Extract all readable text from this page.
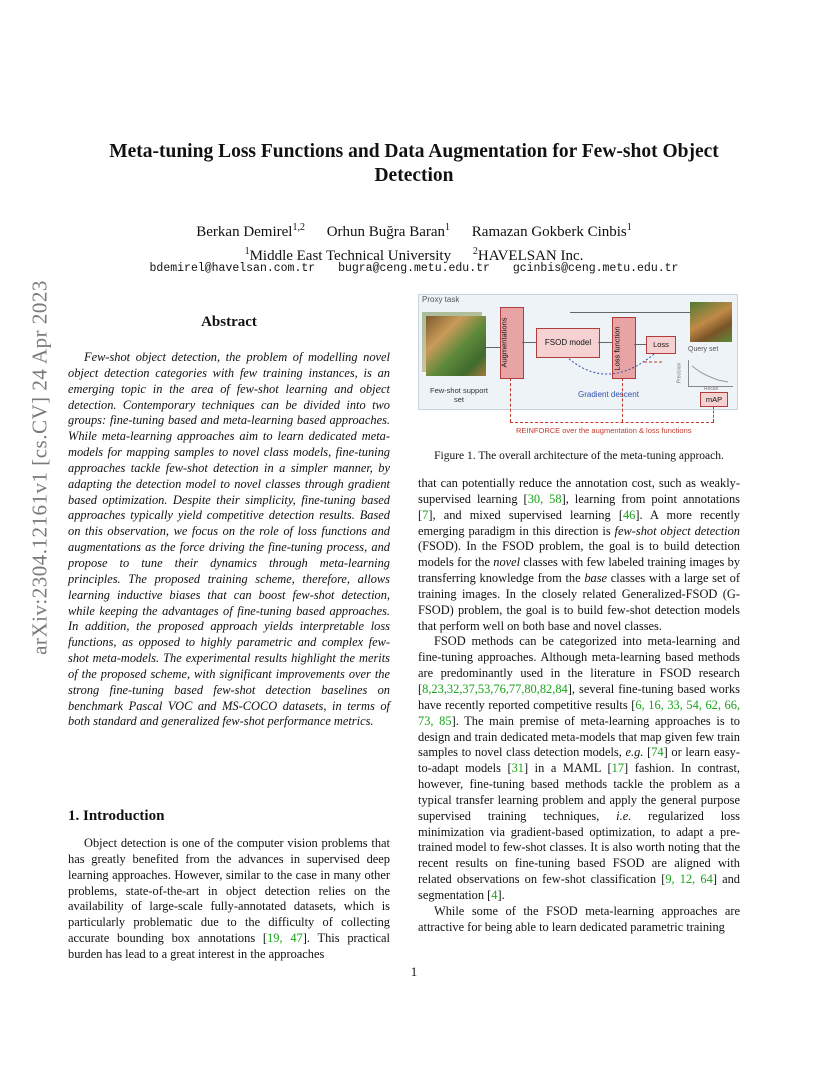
arXiv:2304.12161v1 [cs.CV] 24 Apr 2023
Meta-tuning Loss Functions and Data Augmentation for Few-shot Object
Detection
Berkan Demirel$^{1,2}$ Orhun Buğra Baran$^1$ Ramazan Gokberk Cinbis$^1$
$^1$Middle East Technical University $^2$HAVELSAN Inc.
bdemirel@havelsan.com.tr bugra@ceng.metu.edu.tr gcinbis@ceng.metu.edu.tr
Abstract

Few-shot object detection, the problem of modelling novel object detection categories with few training instances, is an emerging topic in the area of few-shot learning and object detection. Contemporary techniques can be divided into two groups: fine-tuning based and meta-learning based approaches. While meta-learning approaches aim to learn dedicated meta-models for mapping samples to novel class models, fine-tuning approaches tackle few-shot detection in a simpler manner, by adapting the detection model to novel classes through gradient based optimization. Despite their simplicity, fine-tuning based approaches typically yield competitive detection results. Based on this observation, we focus on the role of loss functions and augmentations as the force driving the fine-tuning process, and propose to tune their dynamics through meta-learning principles. The proposed training scheme, therefore, allows learning inductive biases that can boost few-shot detection, while keeping the advantages of fine-tuning based approaches. In addition, the proposed approach yields interpretable loss functions, as opposed to highly parametric and complex few-shot meta-models. The experimental results highlight the merits of the proposed scheme, with significant improvements over the strong fine-tuning based few-shot detection baselines on benchmark Pascal VOC and MS-COCO datasets, in terms of both standard and generalized few-shot performance metrics.

1. Introduction

Object detection is one of the computer vision problems that has greatly benefited from the advances in supervised deep learning approaches. However, similar to the case in many other problems, state-of-the-art in object detection relies on the availability of large-scale fully-annotated datasets, which is particularly problematic due to the difficulty of collecting accurate bounding box annotations [19, 47]. This practical burden has lead to a great interest in the approaches

Proxy task
Few-shot support set
Augmentations	FSOD model	Loss function	Loss
Gradient descent
Query set
Precision
Recall
mAP
REINFORCE over the augmentation & loss functions
Figure 1. The overall architecture of the meta-tuning approach.

that can potentially reduce the annotation cost, such as weakly-supervised learning [30, 58], learning from point annotations [7], and mixed supervised learning [46]. A more recently emerging paradigm in this direction is few-shot object detection (FSOD). In the FSOD problem, the goal is to build detection models for the novel classes with few labeled training images by transferring knowledge from the base classes with a large set of training images. In the closely related Generalized-FSOD (G-FSOD) problem, the goal is to build few-shot detection models that perform well on both base and novel classes.

FSOD methods can be categorized into meta-learning and fine-tuning approaches. Although meta-learning based methods are predominantly used in the literature in FSOD research [8,23,32,37,53,76,77,80,82,84], several fine-tuning based works have recently reported competitive results [6, 16, 33, 54, 62, 66, 73, 85]. The main premise of meta-learning approaches is to design and train dedicated meta-models that map given few train samples to novel class detection models, e.g. [74] or learn easy-to-adapt models [31] in a MAML [17] fashion. In contrast, however, fine-tuning based methods tackle the problem as a typical transfer learning problem and apply the general purpose supervised training techniques, i.e. regularized loss minimization via gradient-based optimization, to adapt a pre-trained model to few-shot classes. It is also worth noting that the recent results on fine-tuning based FSOD are aligned with related observations on few-shot classification [9, 12, 64] and segmentation [4].

While some of the FSOD meta-learning approaches are attractive for being able to learn dedicated parametric training

1
